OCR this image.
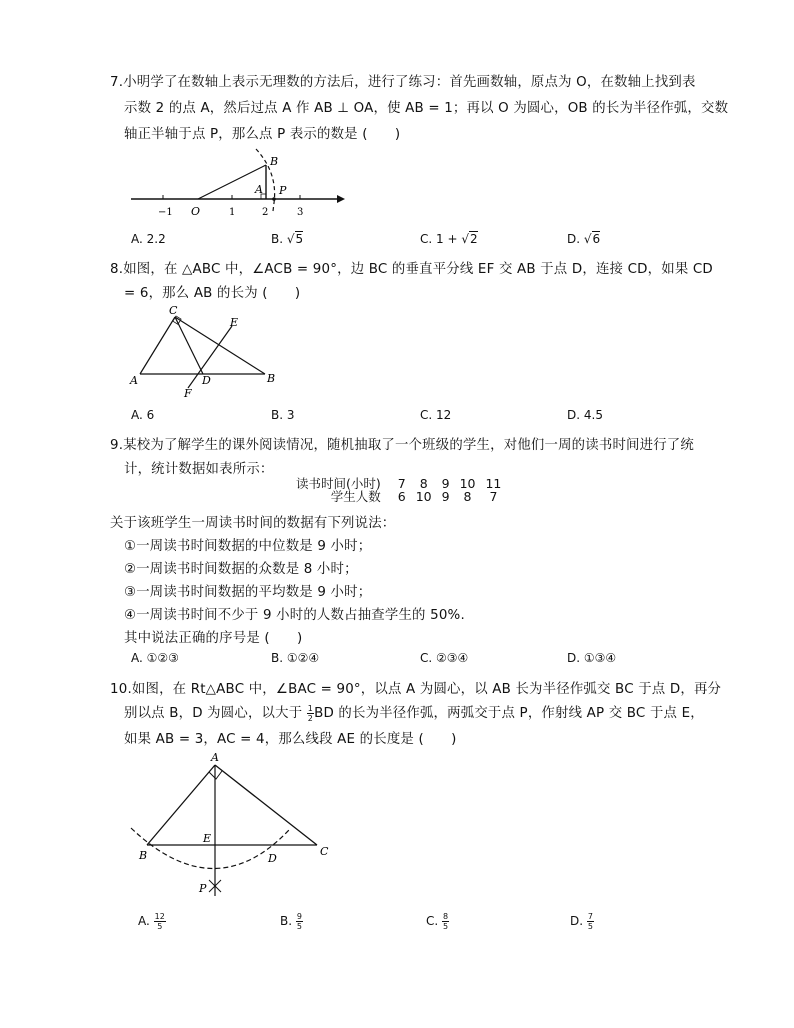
7.小明学了在数轴上表示无理数的方法后，进行了练习：首先画数轴，原点为 O，在数轴上找到表
示数 2 的点 A，然后过点 A 作 AB ⊥ OA，使 AB = 1；再以 O 为圆心，OB 的长为半径作弧，交数
轴正半轴于点 P，那么点 P 表示的数是 (　　)
B
A P
−1 O	1	2	3
A. 2.2	B. √5	C. 1 + √2	D. √6
8.如图，在 △ABC 中，∠ACB = 90°，边 BC 的垂直平分线 EF 交 AB 于点 D，连接 CD，如果 CD
= 6，那么 AB 的长为 (　　)
C
E
A	D	B
F
A. 6	B. 3	C. 12	D. 4.5
9.某校为了解学生的课外阅读情况，随机抽取了一个班级的学生，对他们一周的读书时间进行了统
计，统计数据如表所示：
读书时间(小时)	7	8	9	10	11
学生人数	6	10	9	8	7
关于该班学生一周读书时间的数据有下列说法：
①一周读书时间数据的中位数是 9 小时；
②一周读书时间数据的众数是 8 小时；
③一周读书时间数据的平均数是 9 小时；
④一周读书时间不少于 9 小时的人数占抽查学生的 50%.
其中说法正确的序号是 (　　)
A. ①②③	B. ①②④	C. ②③④	D. ①③④
10.如图，在 Rt△ABC 中，∠BAC = 90°，以点 A 为圆心，以 AB 长为半径作弧交 BC 于点 D，再分
别以点 B，D 为圆心，以大于 $\frac{1}{2}$ BD 的长为半径作弧，两弧交于点 P，作射线 AP 交 BC 于点 E，
如果 AB = 3，AC = 4，那么线段 AE 的长度是 (　　)
A
E
B	C
D
P
A. $\frac{12}{5}$	B. $\frac{9}{5}$	C. $\frac{8}{5}$	D. $\frac{7}{5}$
